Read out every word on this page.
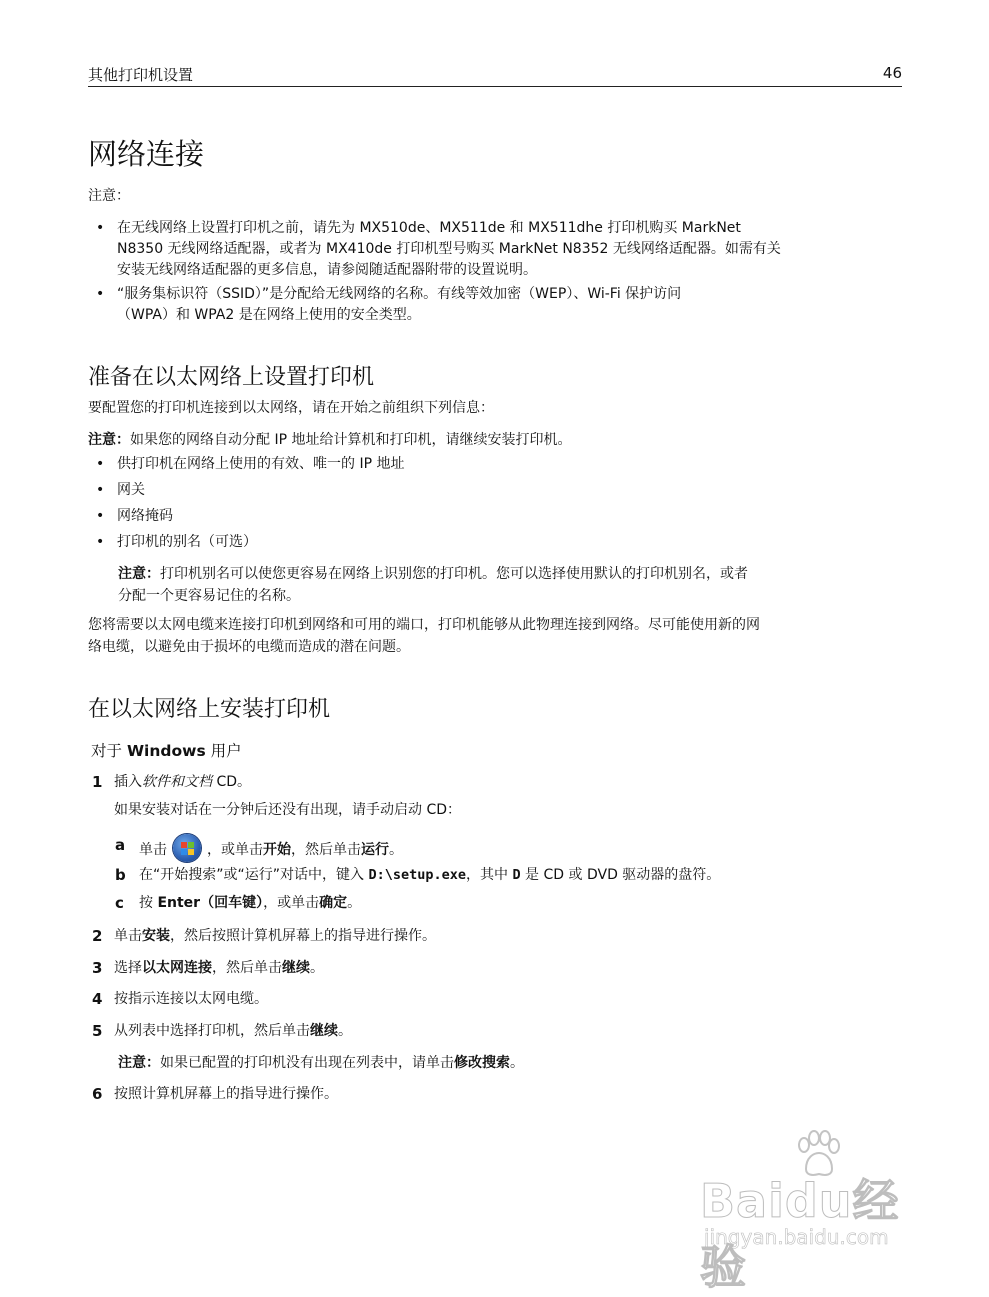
其他打印机设置	46
网络连接
注意：
• 在无线网络上设置打印机之前，请先为 MX510de、MX511de 和 MX511dhe 打印机购买 MarkNet
N8350 无线网络适配器，或者为 MX410de 打印机型号购买 MarkNet N8352 无线网络适配器。如需有关
安装无线网络适配器的更多信息，请参阅随适配器附带的设置说明。
• “服务集标识符（SSID）”是分配给无线网络的名称。有线等效加密（WEP）、Wi-Fi 保护访问
（WPA）和 WPA2 是在网络上使用的安全类型。
准备在以太网络上设置打印机
要配置您的打印机连接到以太网络，请在开始之前组织下列信息：
注意：如果您的网络自动分配 IP 地址给计算机和打印机，请继续安装打印机。
• 供打印机在网络上使用的有效、唯一的 IP 地址
• 网关
• 网络掩码
• 打印机的别名（可选）
注意：打印机别名可以使您更容易在网络上识别您的打印机。您可以选择使用默认的打印机别名，或者
分配一个更容易记住的名称。
您将需要以太网电缆来连接打印机到网络和可用的端口，打印机能够从此物理连接到网络。尽可能使用新的网
络电缆，以避免由于损坏的电缆而造成的潜在问题。
在以太网络上安装打印机
对于 Windows 用户
1 插入软件和文档 CD。
如果安装对话在一分钟后还没有出现，请手动启动 CD：
a 单击	，或单击开始，然后单击运行。
b 在“开始搜索”或“运行”对话中，键入 D:\setup.exe，其中 D 是 CD 或 DVD 驱动器的盘符。
c 按 Enter（回车键），或单击确定。
2 单击安装，然后按照计算机屏幕上的指导进行操作。
3 选择以太网连接，然后单击继续。
4 按指示连接以太网电缆。
5 从列表中选择打印机，然后单击继续。
注意：如果已配置的打印机没有出现在列表中，请单击修改搜索。
6 按照计算机屏幕上的指导进行操作。
Baidu经验
jingyan.baidu.com
